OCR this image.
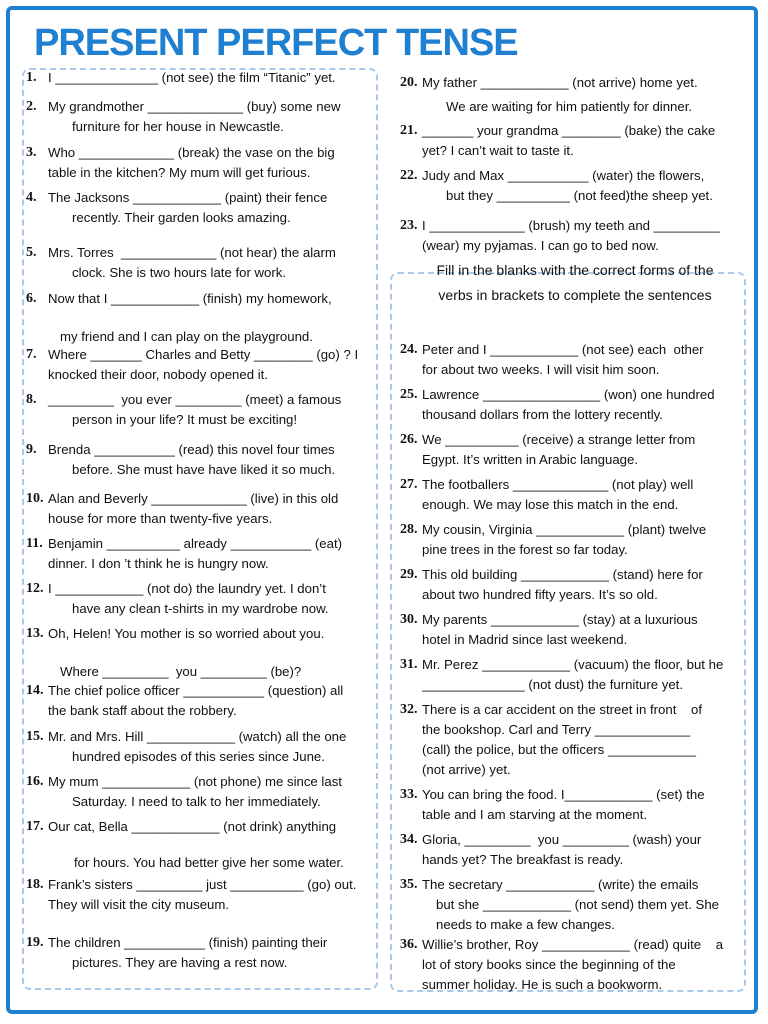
PRESENT PERFECT TENSE
Fill in the blanks with the correct forms of the
verbs in brackets to complete the sentences
1. I ______________ (not see) the film “Titanic” yet.
2. My grandmother _____________ (buy) some new
furniture for her house in Newcastle.
3. Who _____________ (break) the vase on the big
table in the kitchen? My mum will get furious.
4. The Jacksons ____________ (paint) their fence
recently. Their garden looks amazing.
5. Mrs. Torres  _____________ (not hear) the alarm
clock. She is two hours late for work.
6. Now that I ____________ (finish) my homework,
my friend and I can play on the playground.
7. Where _______ Charles and Betty ________ (go) ? I
knocked their door, nobody opened it.
8. _________  you ever _________ (meet) a famous
person in your life? It must be exciting!
9. Brenda ___________ (read) this novel four times
before. She must have have liked it so much.
10. Alan and Beverly _____________ (live) in this old
house for more than twenty-five years.
11. Benjamin __________ already ___________ (eat)
dinner. I don ’t think he is hungry now.
12. I ____________ (not do) the laundry yet. I don’t
have any clean t-shirts in my wardrobe now.
13. Oh, Helen! You mother is so worried about you.
Where _________  you _________ (be)?
14. The chief police officer ___________ (question) all
the bank staff about the robbery.
15. Mr. and Mrs. Hill ____________ (watch) all the one
hundred episodes of this series since June.
16. My mum ____________ (not phone) me since last
Saturday. I need to talk to her immediately.
17. Our cat, Bella ____________ (not drink) anything
for hours. You had better give her some water.
18. Frank’s sisters _________ just __________ (go) out.
They will visit the city museum.
19. The children ___________ (finish) painting their
pictures. They are having a rest now.
20. My father ____________ (not arrive) home yet.
We are waiting for him patiently for dinner.
21. _______ your grandma ________ (bake) the cake
yet? I can’t wait to taste it.
22. Judy and Max ___________ (water) the flowers,
but they __________ (not feed)the sheep yet.
23. I _____________ (brush) my teeth and _________
(wear) my pyjamas. I can go to bed now.
24. Peter and I ____________ (not see) each  other
for about two weeks. I will visit him soon.
25. Lawrence ________________ (won) one hundred
thousand dollars from the lottery recently.
26. We __________ (receive) a strange letter from
Egypt. It’s written in Arabic language.
27. The footballers _____________ (not play) well
enough. We may lose this match in the end.
28. My cousin, Virginia ____________ (plant) twelve
pine trees in the forest so far today.
29. This old building ____________ (stand) here for
about two hundred fifty years. It’s so old.
30. My parents ____________ (stay) at a luxurious
hotel in Madrid since last weekend.
31. Mr. Perez ____________ (vacuum) the floor, but he
______________ (not dust) the furniture yet.
32. There is a car accident on the street in front    of
the bookshop. Carl and Terry _____________
(call) the police, but the officers ____________
(not arrive) yet.
33. You can bring the food. I____________ (set) the
table and I am starving at the moment.
34. Gloria, _________  you _________ (wash) your
hands yet? The breakfast is ready.
35. The secretary ____________ (write) the emails
but she ____________ (not send) them yet. She
needs to make a few changes.
36. Willie’s brother, Roy ____________ (read) quite    a
lot of story books since the beginning of the
summer holiday. He is such a bookworm.
